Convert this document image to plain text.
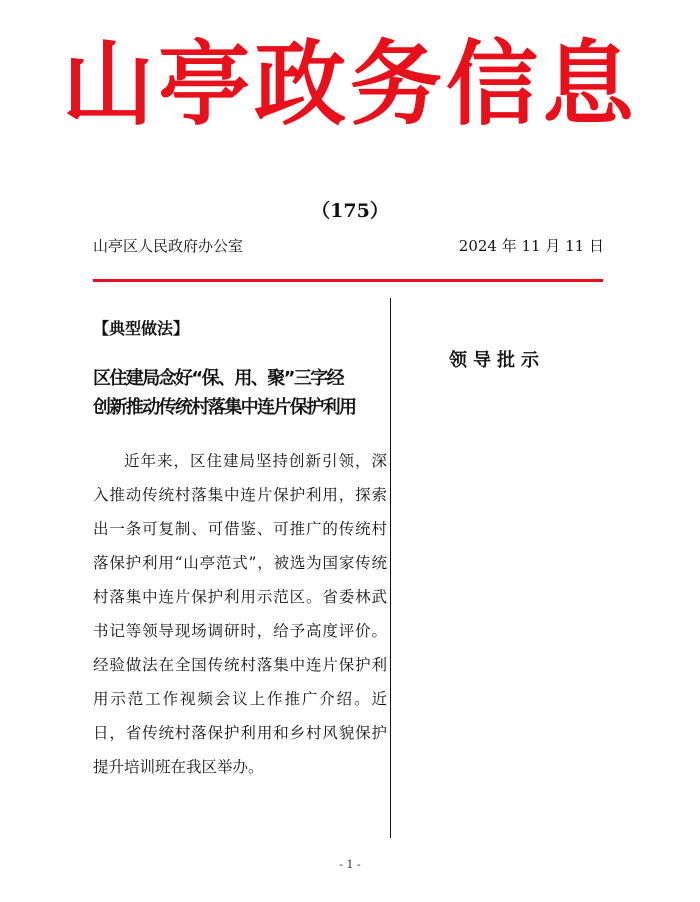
山亭政务信息
（175）
山亭区人民政府办公室	2024 年 11 月 11 日
【典型做法】
区住建局念好“保、用、聚”三字经
创新推动传统村落集中连片保护利用

近年来，区住建局坚持创新引领，深入推动传统村落集中连片保护利用，探索出一条可复制、可借鉴、可推广的传统村落保护利用“山亭范式”，被选为国家传统村落集中连片保护利用示范区。省委林武书记等领导现场调研时，给予高度评价。经验做法在全国传统村落集中连片保护利用示范工作视频会议上作推广介绍。近日，省传统村落保护利用和乡村风貌保护提升培训班在我区举办。

领导批示
- 1 -
